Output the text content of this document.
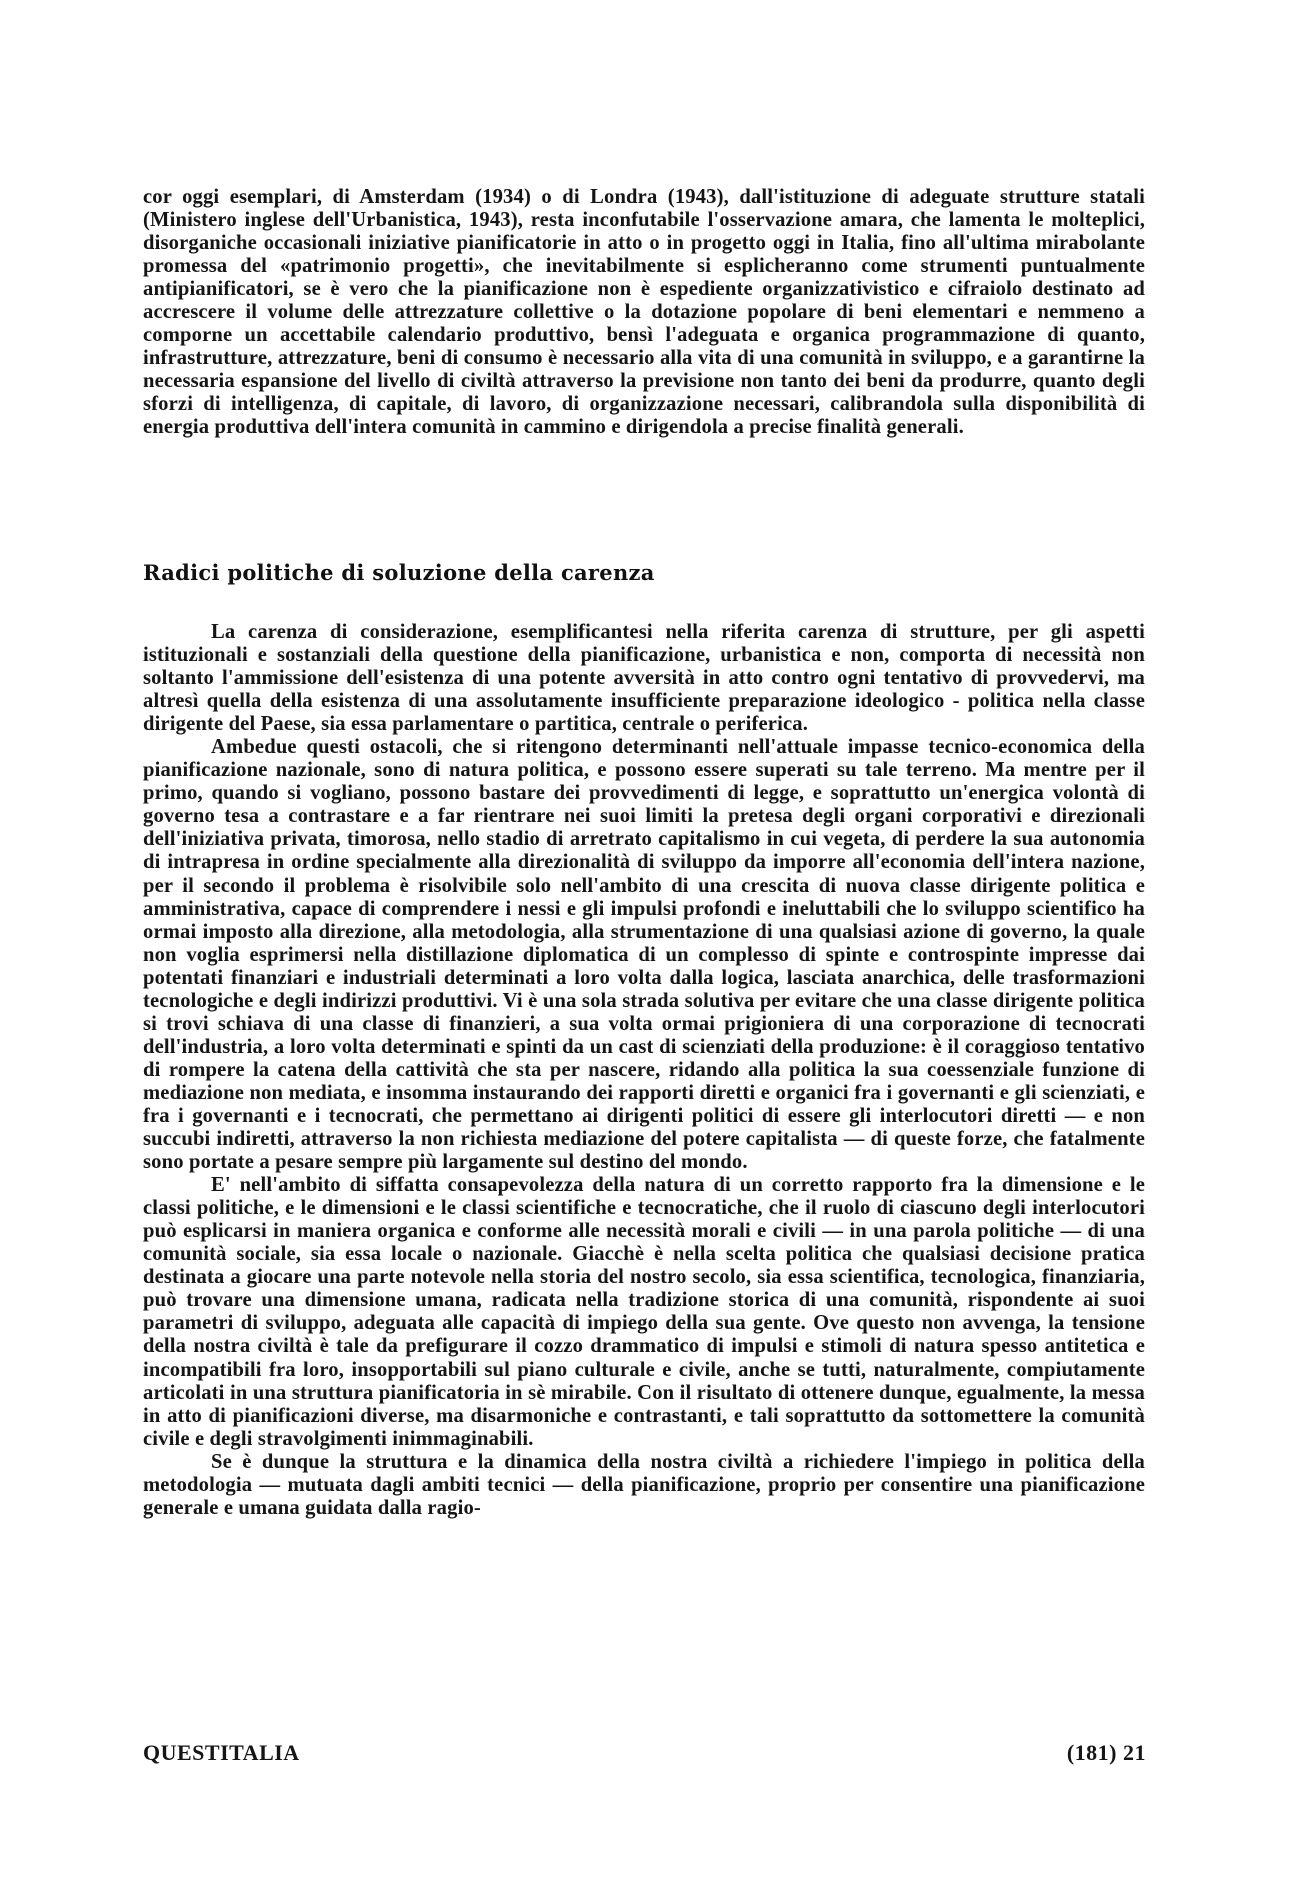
cor oggi esemplari, di Amsterdam (1934) o di Londra (1943), dall'istituzione di adeguate strutture statali (Ministero inglese dell'Urbanistica, 1943), resta inconfutabile l'osservazione amara, che lamenta le molteplici, disorganiche occasionali iniziative pianificatorie in atto o in progetto oggi in Italia, fino all'ultima mirabolante promessa del «patrimonio progetti», che inevitabilmente si esplicheranno come strumenti puntualmente antipianificatori, se è vero che la pianificazione non è espediente organizzativistico e cifraiolo destinato ad accrescere il volume delle attrezzature collettive o la dotazione popolare di beni elementari e nemmeno a comporne un accettabile calendario produttivo, bensì l'adeguata e organica programmazione di quanto, infrastrutture, attrezzature, beni di consumo è necessario alla vita di una comunità in sviluppo, e a garantirne la necessaria espansione del livello di civiltà attraverso la previsione non tanto dei beni da produrre, quanto degli sforzi di intelligenza, di capitale, di lavoro, di organizzazione necessari, calibrandola sulla disponibilità di energia produttiva dell'intera comunità in cammino e dirigendola a precise finalità generali.

Radici politiche di soluzione della carenza

La carenza di considerazione, esemplificantesi nella riferita carenza di strutture, per gli aspetti istituzionali e sostanziali della questione della pianificazione, urbanistica e non, comporta di necessità non soltanto l'ammissione dell'esistenza di una potente avversità in atto contro ogni tentativo di provvedervi, ma altresì quella della esistenza di una assolutamente insufficiente preparazione ideologico - politica nella classe dirigente del Paese, sia essa parlamentare o partitica, centrale o periferica.

Ambedue questi ostacoli, che si ritengono determinanti nell'attuale impasse tecnico-economica della pianificazione nazionale, sono di natura politica, e possono essere superati su tale terreno. Ma mentre per il primo, quando si vogliano, possono bastare dei provvedimenti di legge, e soprattutto un'energica volontà di governo tesa a contrastare e a far rientrare nei suoi limiti la pretesa degli organi corporativi e direzionali dell'iniziativa privata, timorosa, nello stadio di arretrato capitalismo in cui vegeta, di perdere la sua autonomia di intrapresa in ordine specialmente alla direzionalità di sviluppo da imporre all'economia dell'intera nazione, per il secondo il problema è risolvibile solo nell'ambito di una crescita di nuova classe dirigente politica e amministrativa, capace di comprendere i nessi e gli impulsi profondi e ineluttabili che lo sviluppo scientifico ha ormai imposto alla direzione, alla metodologia, alla strumentazione di una qualsiasi azione di governo, la quale non voglia esprimersi nella distillazione diplomatica di un complesso di spinte e controspinte impresse dai potentati finanziari e industriali determinati a loro volta dalla logica, lasciata anarchica, delle trasformazioni tecnologiche e degli indirizzi produttivi. Vi è una sola strada solutiva per evitare che una classe dirigente politica si trovi schiava di una classe di finanzieri, a sua volta ormai prigioniera di una corporazione di tecnocrati dell'industria, a loro volta determinati e spinti da un cast di scienziati della produzione: è il coraggioso tentativo di rompere la catena della cattività che sta per nascere, ridando alla politica la sua coessenziale funzione di mediazione non mediata, e insomma instaurando dei rapporti diretti e organici fra i governanti e gli scienziati, e fra i governanti e i tecnocrati, che permettano ai dirigenti politici di essere gli interlocutori diretti — e non succubi indiretti, attraverso la non richiesta mediazione del potere capitalista — di queste forze, che fatalmente sono portate a pesare sempre più largamente sul destino del mondo.

E' nell'ambito di siffatta consapevolezza della natura di un corretto rapporto fra la dimensione e le classi politiche, e le dimensioni e le classi scientifiche e tecnocratiche, che il ruolo di ciascuno degli interlocutori può esplicarsi in maniera organica e conforme alle necessità morali e civili — in una parola politiche — di una comunità sociale, sia essa locale o nazionale. Giacchè è nella scelta politica che qualsiasi decisione pratica destinata a giocare una parte notevole nella storia del nostro secolo, sia essa scientifica, tecnologica, finanziaria, può trovare una dimensione umana, radicata nella tradizione storica di una comunità, rispondente ai suoi parametri di sviluppo, adeguata alle capacità di impiego della sua gente. Ove questo non avvenga, la tensione della nostra civiltà è tale da prefigurare il cozzo drammatico di impulsi e stimoli di natura spesso antitetica e incompatibili fra loro, insopportabili sul piano culturale e civile, anche se tutti, naturalmente, compiutamente articolati in una struttura pianificatoria in sè mirabile. Con il risultato di ottenere dunque, egualmente, la messa in atto di pianificazioni diverse, ma disarmoniche e contrastanti, e tali soprattutto da sottomettere la comunità civile e degli stravolgimenti inimmaginabili.

Se è dunque la struttura e la dinamica della nostra civiltà a richiedere l'impiego in politica della metodologia — mutuata dagli ambiti tecnici — della pianificazione, proprio per consentire una pianificazione generale e umana guidata dalla ragio-

QUESTITALIA	(181) 21
